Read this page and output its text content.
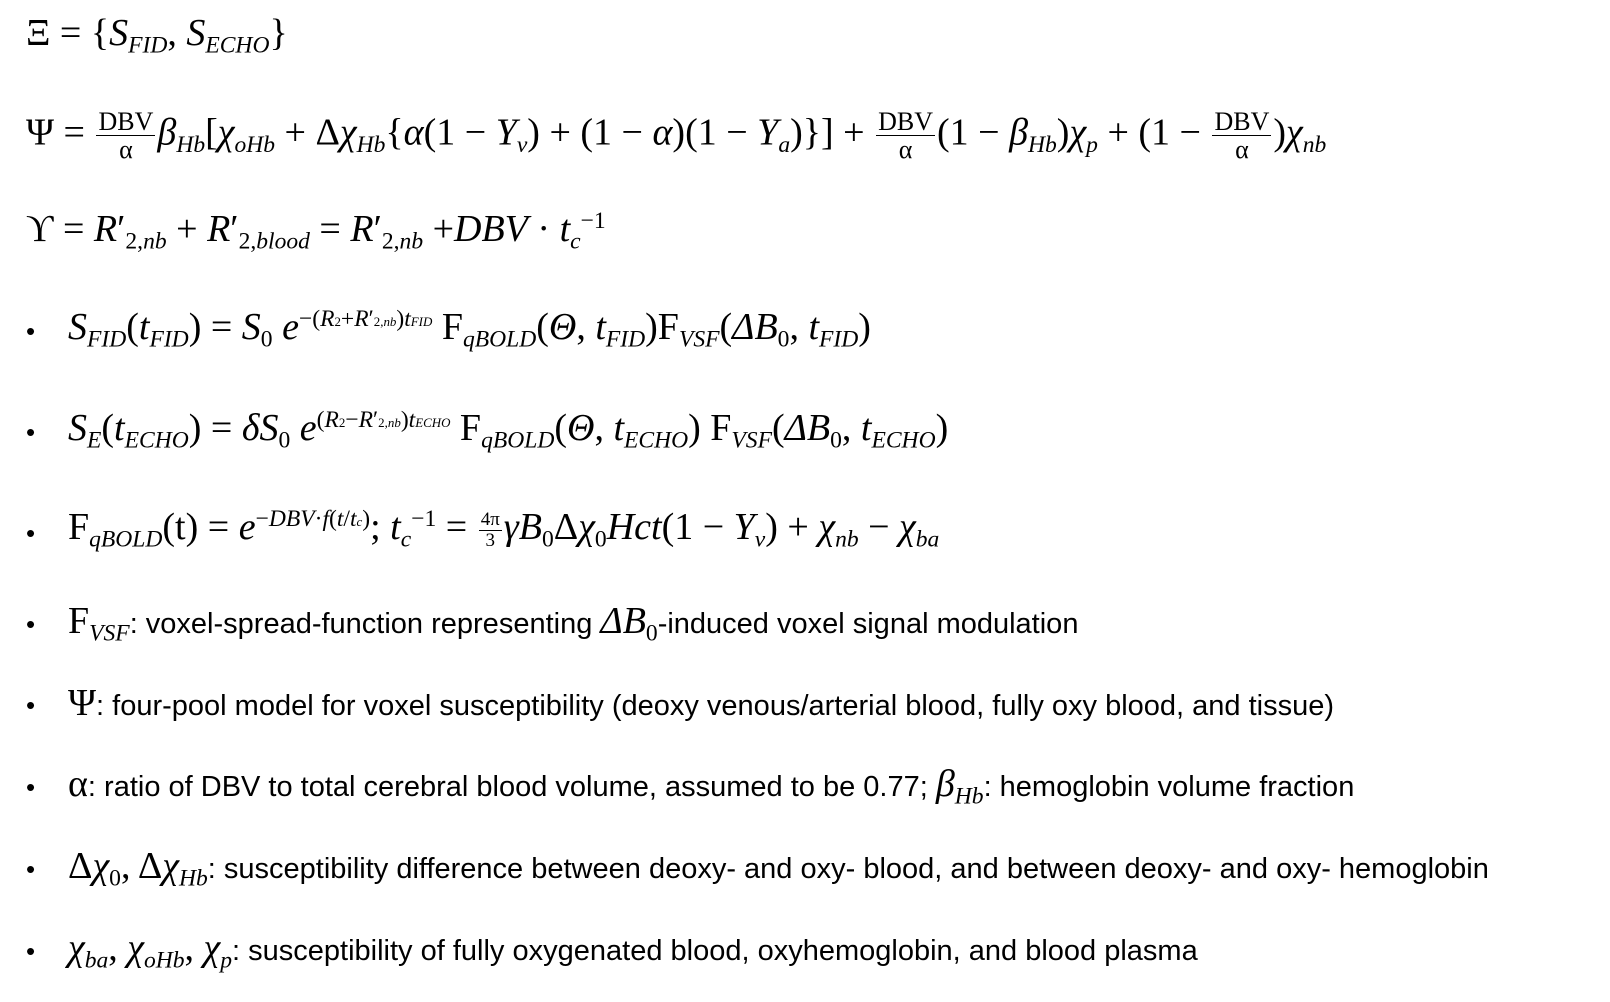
$\Xi = \{S_{FID}$, $S_{ECHO}$}
$\Psi = \frac{\text{DBV}}{\alpha} \beta_{Hb}[\chi_{oHb} + \Delta\chi_{Hb}\{\alpha(1 - Y_v) + (1 - \alpha)(1 - Y_a)\}] + \frac{\text{DBV}}{\alpha} (1 - \beta_{Hb})\chi_p + (1 - \frac{\text{DBV}}{\alpha} )\chi_{nb}$
$ϒ = R'_{2,nb} + R'_{2,blood} = R'_{2,nb} +DBV \cdot t_c^{-1}$
• $S_{FID}(t_{FID}) = S_0$ $e^{-(R2+R'2,nb)tFID}$ $F_{qBOLD}(\Theta$, $t_{FID})F_{VSF}(\Delta B_0$, $t_{FID}$)
• $S_E(t_{ECHO}) = \delta S_0$ $e^{(R2-R'2,nb)tECHO}$ $F_{qBOLD}(\Theta$, $t_{ECHO}$) $F_{VSF}(\Delta B_0$, $t_{ECHO}$)
• $F_{qBOLD}(t) = e^{-DBV\cdot f(t/tc)}$; $t_c^{-1} = \frac{4\pi}{3} \gamma B_0\Delta\chi_0Hct(1 - Y_v) + \chi_{nb} - \chi_{ba}$
• $F_{VSF}$: voxel-spread-function representing $\Delta B_0$-induced voxel signal modulation
• Ψ: four-pool model for voxel susceptibility (deoxy venous/arterial blood, fully oxy blood, and tissue)
• α: ratio of DBV to total cerebral blood volume, assumed to be 0.77; $\beta_{Hb}$: hemoglobin volume fraction
• $\Delta\chi_0$, $\Delta\chi_{Hb}$: susceptibility difference between deoxy- and oxy- blood, and between deoxy- and oxy- hemoglobin
• $\chi_{ba}$, $\chi_{oHb}$, $\chi_p$: susceptibility of fully oxygenated blood, oxyhemoglobin, and blood plasma
